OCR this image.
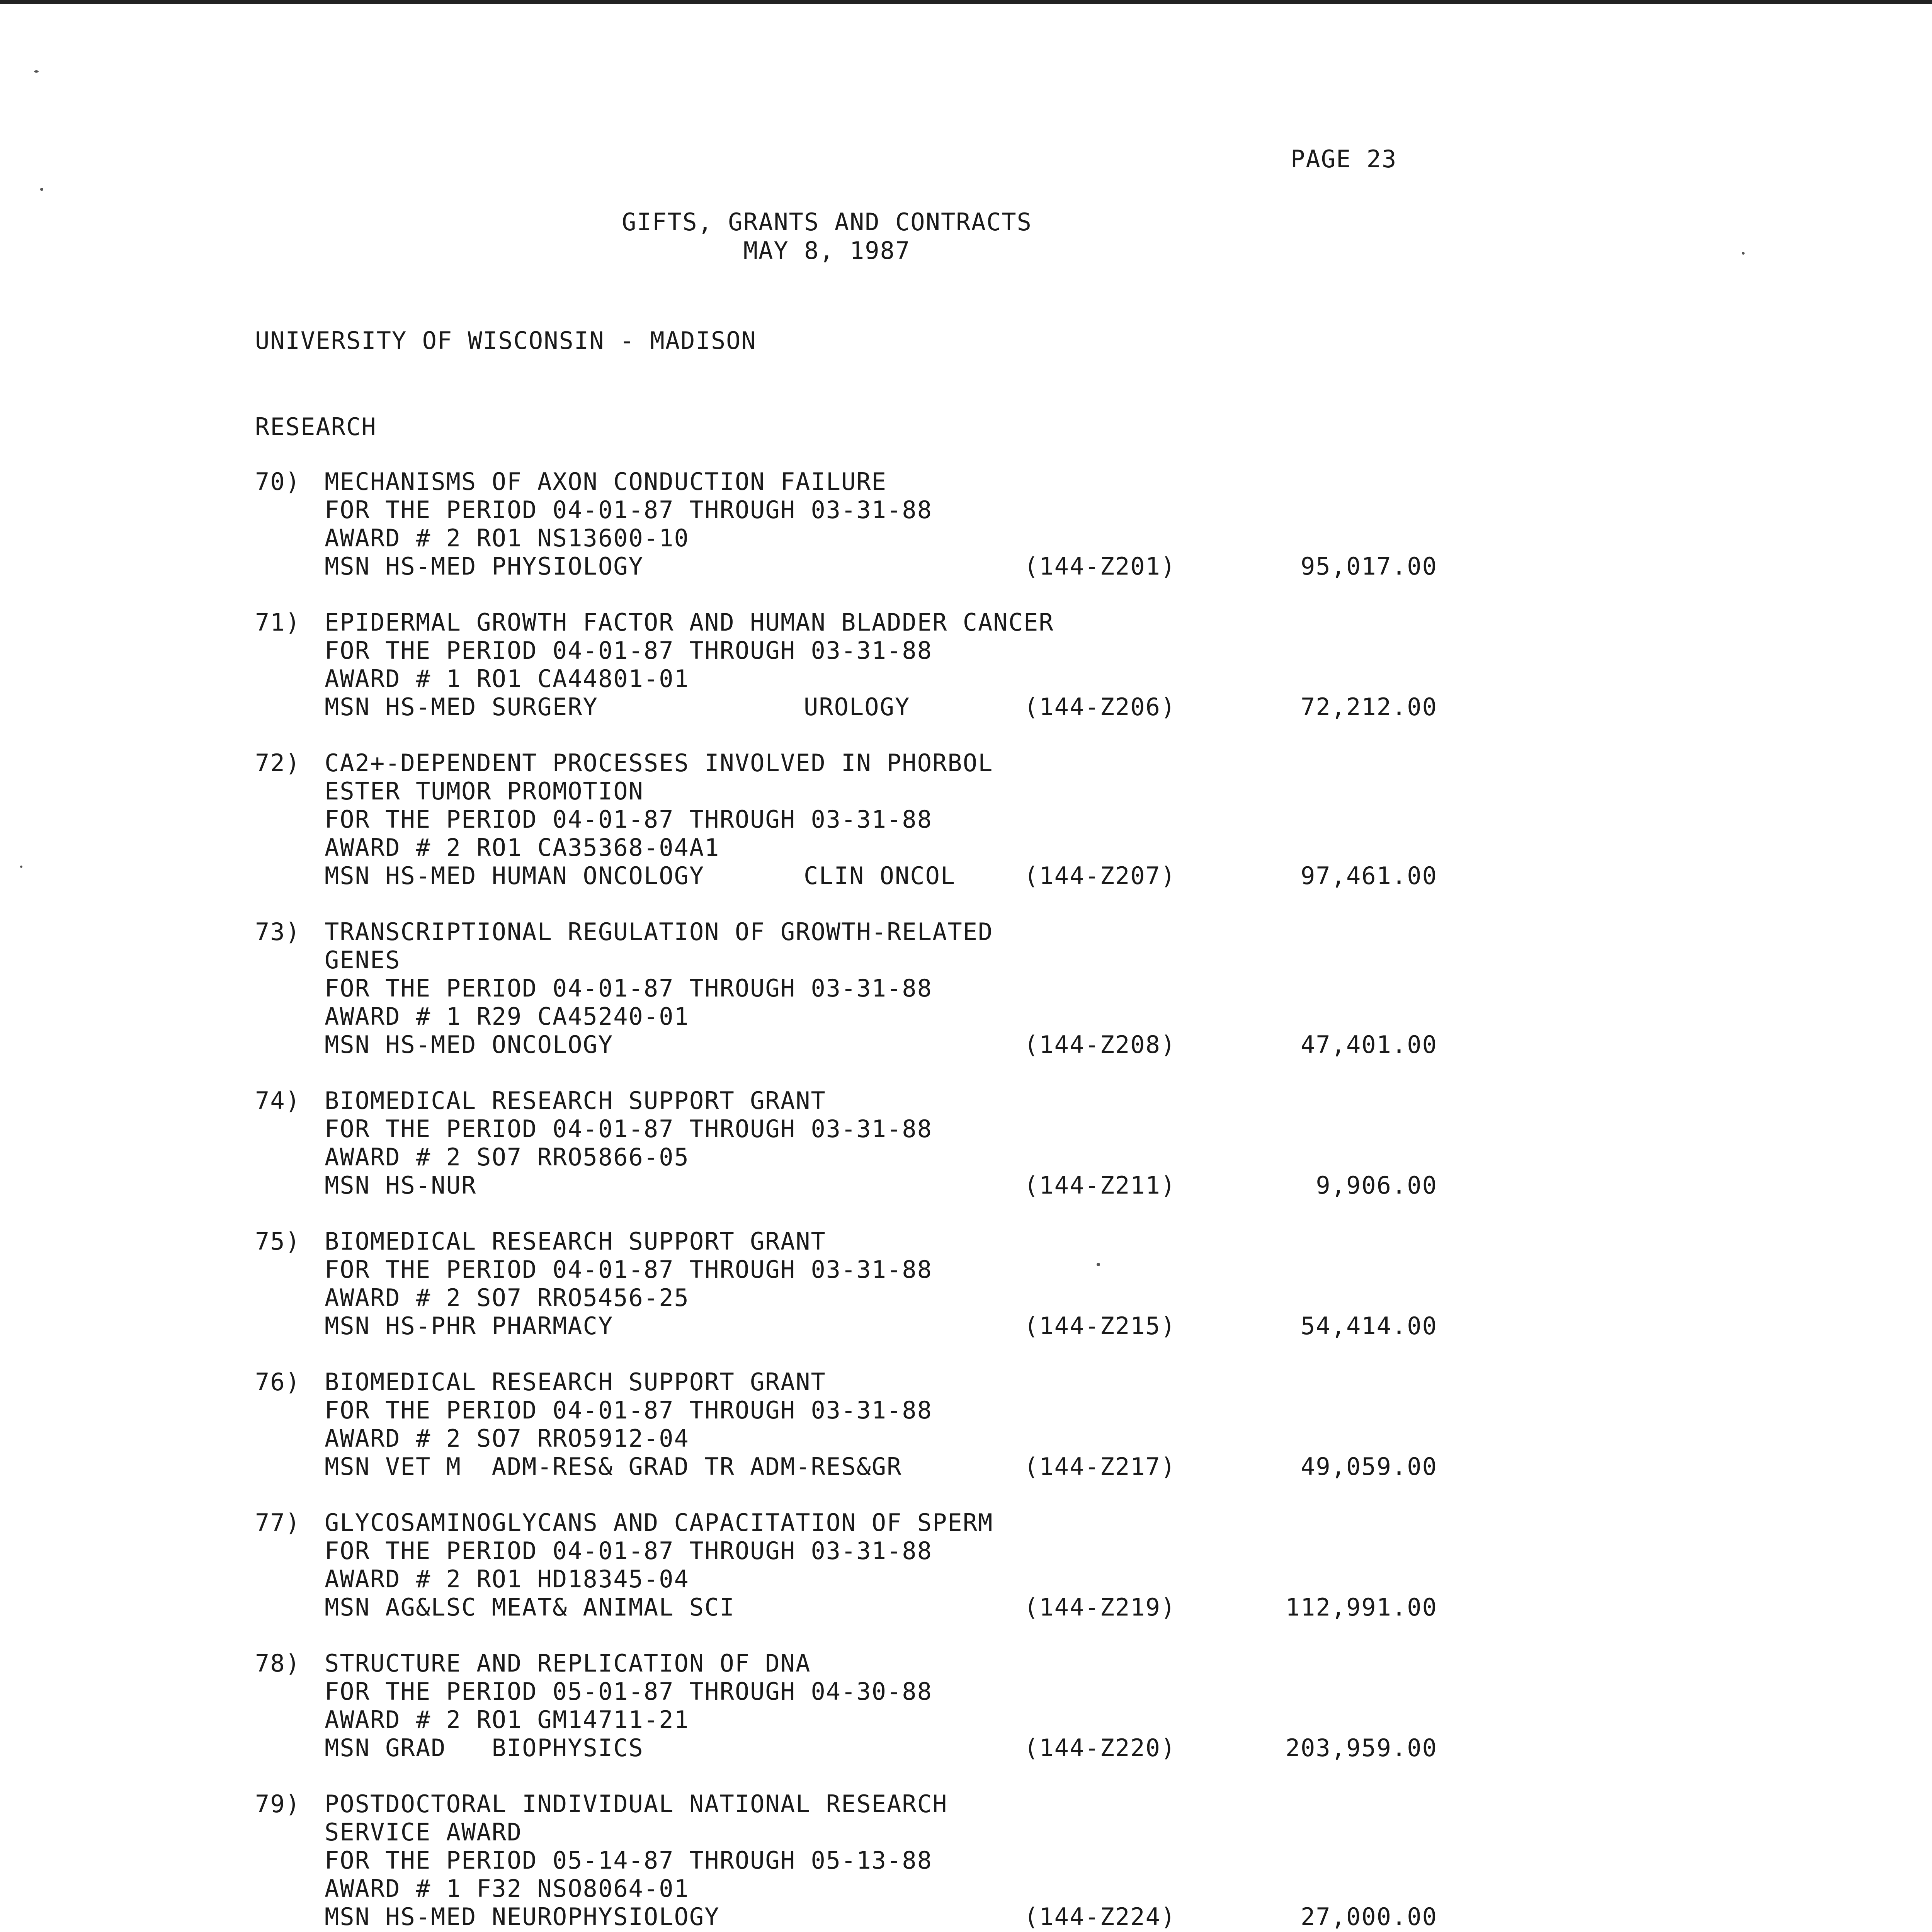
PAGE 23
GIFTS, GRANTS AND CONTRACTS
MAY 8, 1987
UNIVERSITY OF WISCONSIN - MADISON
RESEARCH
70) MECHANISMS OF AXON CONDUCTION FAILURE
FOR THE PERIOD 04-01-87 THROUGH 03-31-88
AWARD # 2 RO1 NS13600-10
MSN HS-MED PHYSIOLOGY	(144-Z201)	95,017.00
71) EPIDERMAL GROWTH FACTOR AND HUMAN BLADDER CANCER
FOR THE PERIOD 04-01-87 THROUGH 03-31-88
AWARD # 1 RO1 CA44801-01
MSN HS-MED SURGERY	UROLOGY	(144-Z206)	72,212.00
72) CA2+-DEPENDENT PROCESSES INVOLVED IN PHORBOL
ESTER TUMOR PROMOTION
FOR THE PERIOD 04-01-87 THROUGH 03-31-88
AWARD # 2 RO1 CA35368-04A1
MSN HS-MED HUMAN ONCOLOGY	CLIN ONCOL	(144-Z207)	97,461.00
73) TRANSCRIPTIONAL REGULATION OF GROWTH-RELATED
GENES
FOR THE PERIOD 04-01-87 THROUGH 03-31-88
AWARD # 1 R29 CA45240-01
MSN HS-MED ONCOLOGY	(144-Z208)	47,401.00
74) BIOMEDICAL RESEARCH SUPPORT GRANT
FOR THE PERIOD 04-01-87 THROUGH 03-31-88
AWARD # 2 SO7 RRO5866-05
MSN HS-NUR	(144-Z211)	9,906.00
75) BIOMEDICAL RESEARCH SUPPORT GRANT
FOR THE PERIOD 04-01-87 THROUGH 03-31-88
AWARD # 2 SO7 RRO5456-25
MSN HS-PHR PHARMACY	(144-Z215)	54,414.00
76) BIOMEDICAL RESEARCH SUPPORT GRANT
FOR THE PERIOD 04-01-87 THROUGH 03-31-88
AWARD # 2 SO7 RRO5912-04
MSN VET M  ADM-RES& GRAD TR ADM-RES&GR	(144-Z217)	49,059.00
77) GLYCOSAMINOGLYCANS AND CAPACITATION OF SPERM
FOR THE PERIOD 04-01-87 THROUGH 03-31-88
AWARD # 2 RO1 HD18345-04
MSN AG&LSC MEAT& ANIMAL SCI	(144-Z219)	112,991.00
78) STRUCTURE AND REPLICATION OF DNA
FOR THE PERIOD 05-01-87 THROUGH 04-30-88
AWARD # 2 RO1 GM14711-21
MSN GRAD   BIOPHYSICS	(144-Z220)	203,959.00
79) POSTDOCTORAL INDIVIDUAL NATIONAL RESEARCH
SERVICE AWARD
FOR THE PERIOD 05-14-87 THROUGH 05-13-88
AWARD # 1 F32 NSO8064-01
MSN HS-MED NEUROPHYSIOLOGY	(144-Z224)	27,000.00
